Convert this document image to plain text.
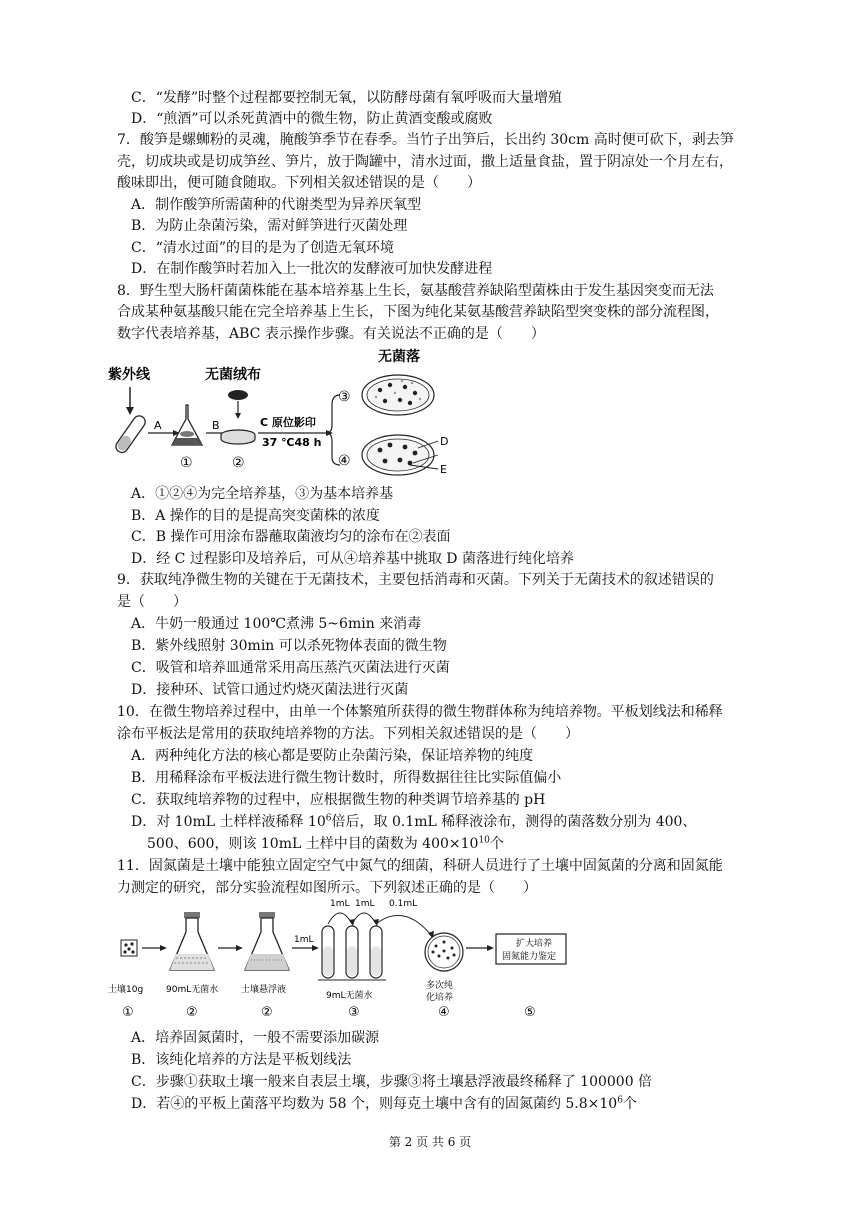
C．“发酵”时整个过程都要控制无氧，以防酵母菌有氧呼吸而大量增殖
D．“煎酒”可以杀死黄酒中的微生物，防止黄酒变酸或腐败
7．酸笋是螺蛳粉的灵魂，腌酸笋季节在春季。当竹子出笋后，长出约 30cm 高时便可砍下，剥去笋
壳，切成块或是切成笋丝、笋片，放于陶罐中，清水过面，撒上适量食盐，置于阴凉处一个月左右，
酸味即出，便可随食随取。下列相关叙述错误的是（　　）
A．制作酸笋所需菌种的代谢类型为异养厌氧型
B．为防止杂菌污染，需对鲜笋进行灭菌处理
C．“清水过面”的目的是为了创造无氧环境
D．在制作酸笋时若加入上一批次的发酵液可加快发酵进程
8．野生型大肠杆菌菌株能在基本培养基上生长，氨基酸营养缺陷型菌株由于发生基因突变而无法
合成某种氨基酸只能在完全培养基上生长，下图为纯化某氨基酸营养缺陷型突变株的部分流程图，
数字代表培养基，ABC 表示操作步骤。有关说法不正确的是（　　）
紫外线
A
①
B
无菌绒布
②
C 原位影印
37 ℃48 h
③
无菌落
④
D
E
A．①②④为完全培养基，③为基本培养基
B．A 操作的目的是提高突变菌株的浓度
C．B 操作可用涂布器蘸取菌液均匀的涂布在②表面
D．经 C 过程影印及培养后，可从④培养基中挑取 D 菌落进行纯化培养
9．获取纯净微生物的关键在于无菌技术，主要包括消毒和灭菌。下列关于无菌技术的叙述错误的
是（　　）
A．牛奶一般通过 100℃煮沸 5~6min 来消毒
B．紫外线照射 30min 可以杀死物体表面的微生物
C．吸管和培养皿通常采用高压蒸汽灭菌法进行灭菌
D．接种环、试管口通过灼烧灭菌法进行灭菌
10．在微生物培养过程中，由单一个体繁殖所获得的微生物群体称为纯培养物。平板划线法和稀释
涂布平板法是常用的获取纯培养物的方法。下列相关叙述错误的是（　　）
A．两种纯化方法的核心都是要防止杂菌污染，保证培养物的纯度
B．用稀释涂布平板法进行微生物计数时，所得数据往往比实际值偏小
C．获取纯培养物的过程中，应根据微生物的种类调节培养基的 pH
D．对 10mL 土样样液稀释 $10^6$倍后，取 0.1mL 稀释液涂布，测得的菌落数分别为 400、
500、600，则该 10mL 土样中目的菌数为 $400\times 10^{10}$个
11．固氮菌是土壤中能独立固定空气中氮气的细菌，科研人员进行了土壤中固氮菌的分离和固氮能
力测定的研究，部分实验流程如图所示。下列叙述正确的是（　　）
土壤10g
①
90mL无菌水
②
土壤悬浮液
②
1mL
1mL 1mL 0.1mL
9mL无菌水
③
多次纯
化培养
④
扩大培养
固氮能力鉴定
⑤
A．培养固氮菌时，一般不需要添加碳源
B．该纯化培养的方法是平板划线法
C．步骤①获取土壤一般来自表层土壤，步骤③将土壤悬浮液最终稀释了 100000 倍
D．若④的平板上菌落平均数为 58 个，则每克土壤中含有的固氮菌约 $5.8\times 10^6$个
第 2 页 共 6 页
